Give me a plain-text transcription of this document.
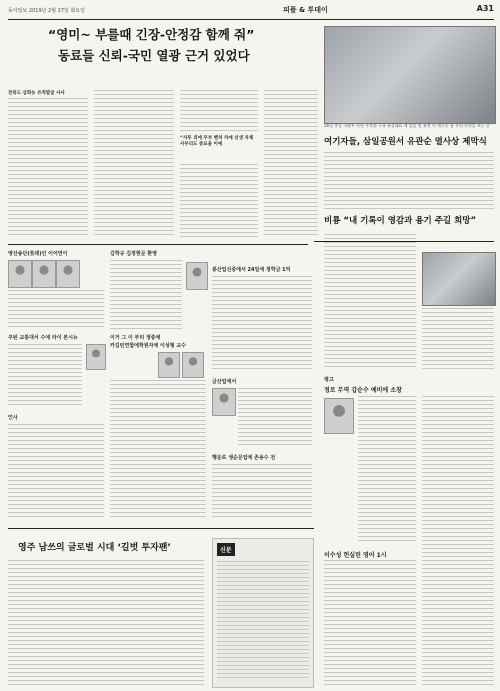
동아일보 2019년 2월 27일 화요일	피플 & 투데이	A31
“영미~ 부를때 긴장-안정감 함께 줘”
동료들 신뢰-국민 열광 근거 있었다
전북도 삼화농 유적발굴 사사
“사투 외에 무부 벤처 차에 선생 자체 사무리도 중요을 이에
26일 충남 국방부 사원 우측위 구교 유물대표 게 있음 및 유전 이 새로운 함 우리 사진을 보는 중
여기자들, 삼일공원서 유관순 열사상 제막식
비룡 “내 기록이 영감과 용기 주길 희망”
평고
정로 무역 갑순수 예비에 소창
이수성 헌실린 영어 1시
영산송단(롯데)민 이어연이
쿠된 교통대서 수에 라이 본시뉴
인사
김학규 김정현문 환영
이거 그 이 부리 정중에
카길턴연합에학원자에 이성형 교수
봉산업신중에서 24일에 정학금 1억
금산업에서
행운로 생순문업에 존용수 전
영주 남쓰의 글로벌 시대 ‘길벗 투자팬’	신문
